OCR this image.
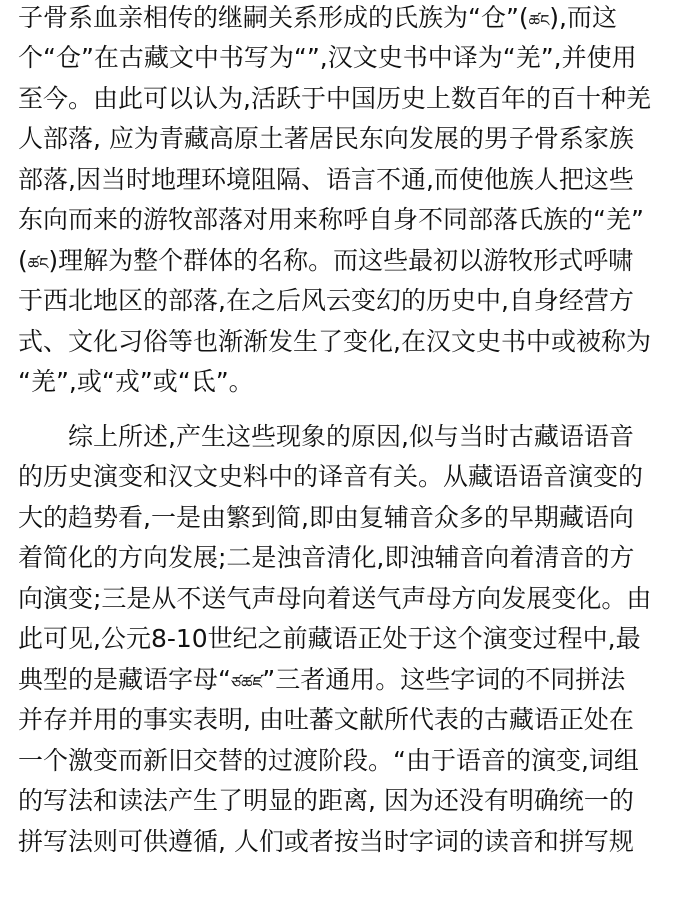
子骨系血亲相传的继嗣关系形成的氏族为“仓”(ཚང),而这
个“仓”在古藏文中书写为“”,汉文史书中译为“羌”,并使用
至今。由此可以认为,活跃于中国历史上数百年的百十种羌
人部落, 应为青藏高原土著居民东向发展的男子骨系家族
部落,因当时地理环境阻隔、语言不通,而使他族人把这些
东向而来的游牧部落对用来称呼自身不同部落氏族的“羌”
(ཚང)理解为整个群体的名称。而这些最初以游牧形式呼啸
于西北地区的部落,在之后风云变幻的历史中,自身经营方
式、文化习俗等也渐渐发生了变化,在汉文史书中或被称为
“羌”,或“戎”或“氐”。
综上所述,产生这些现象的原因,似与当时古藏语语音
的历史演变和汉文史料中的译音有关。从藏语语音演变的
大的趋势看,一是由繁到简,即由复辅音众多的早期藏语向
着简化的方向发展;二是浊音清化,即浊辅音向着清音的方
向演变;三是从不送气声母向着送气声母方向发展变化。由
此可见,公元8-10世纪之前藏语正处于这个演变过程中,最
典型的是藏语字母“ཙཚཛ”三者通用。这些字词的不同拼法
并存并用的事实表明, 由吐蕃文献所代表的古藏语正处在
一个激变而新旧交替的过渡阶段。“由于语音的演变,词组
的写法和读法产生了明显的距离, 因为还没有明确统一的
拼写法则可供遵循, 人们或者按当时字词的读音和拼写规
